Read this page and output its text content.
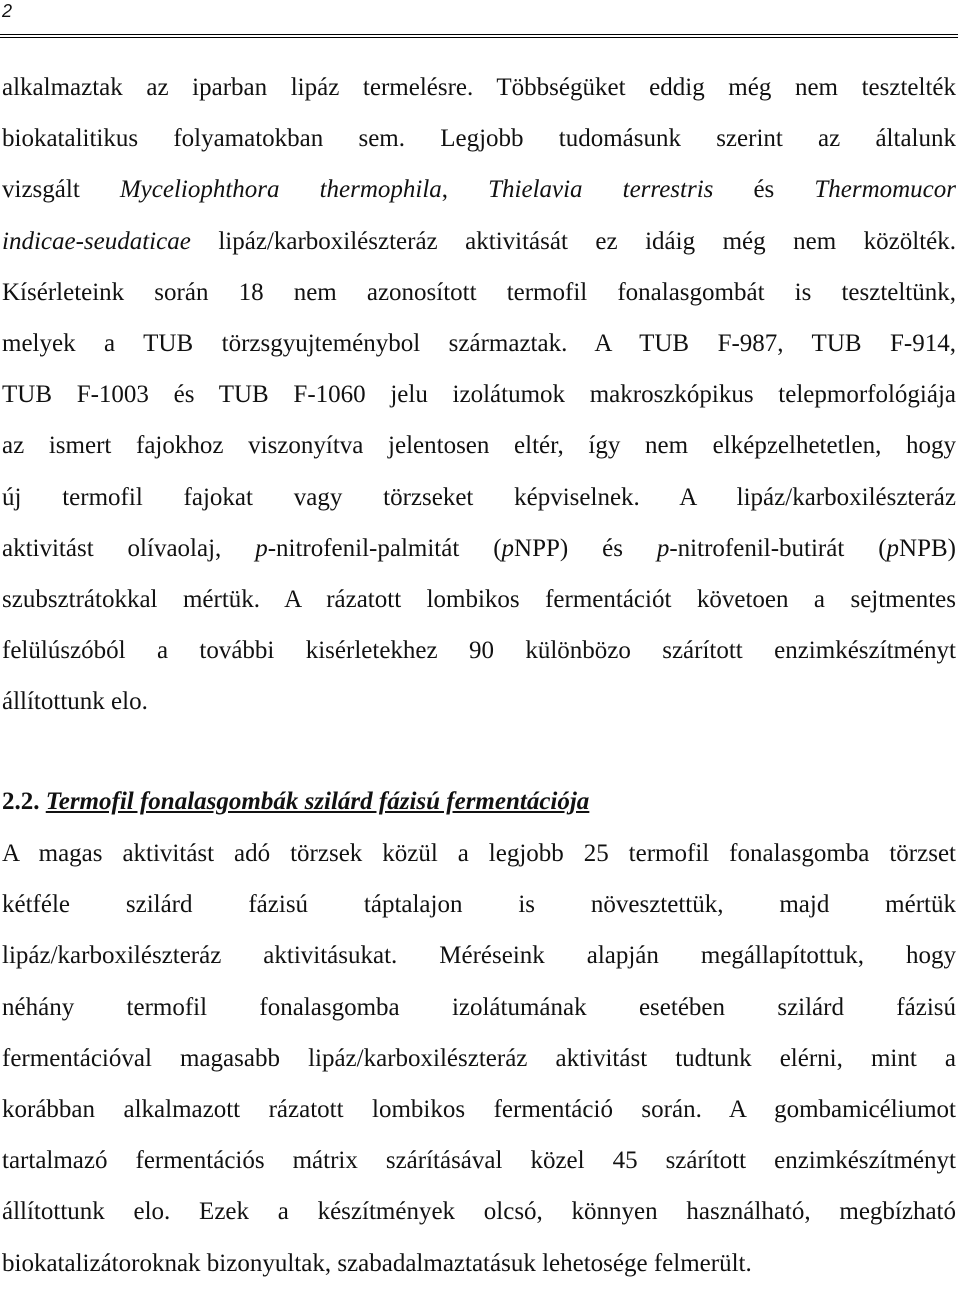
2
alkalmaztak az iparban lipáz termelésre. Többségüket eddig még nem tesztelték
biokatalitikus folyamatokban sem. Legjobb tudomásunk szerint az általunk
vizsgált Myceliophthora thermophila, Thielavia terrestris és Thermomucor
indicae-seudaticae lipáz/karboxilészteráz aktivitását ez idáig még nem közölték.
Kísérleteink során 18 nem azonosított termofil fonalasgombát is teszteltünk,
melyek a TUB törzsgyujteménybol származtak. A TUB F-987, TUB F-914,
TUB F-1003 és TUB F-1060 jelu izolátumok makroszkópikus telepmorfológiája
az ismert fajokhoz viszonyítva jelentosen eltér, így nem elképzelhetetlen, hogy
új termofil fajokat vagy törzseket képviselnek. A lipáz/karboxilészteráz
aktivitást olívaolaj, p-nitrofenil-palmitát (pNPP) és p-nitrofenil-butirát (pNPB)
szubsztrátokkal mértük. A rázatott lombikos fermentációt követoen a sejtmentes
felülúszóból a további kisérletekhez 90 különbözo szárított enzimkészítményt
állítottunk elo.
2.2. Termofil fonalasgombák szilárd fázisú fermentációja
A magas aktivitást adó törzsek közül a legjobb 25 termofil fonalasgomba törzset
kétféle szilárd fázisú táptalajon is növesztettük, majd mértük
lipáz/karboxilészteráz aktivitásukat. Méréseink alapján megállapítottuk, hogy
néhány termofil fonalasgomba izolátumának esetében szilárd fázisú
fermentációval magasabb lipáz/karboxilészteráz aktivitást tudtunk elérni, mint a
korábban alkalmazott rázatott lombikos fermentáció során. A gombamicéliumot
tartalmazó fermentációs mátrix szárításával közel 45 szárított enzimkészítményt
állítottunk elo. Ezek a készítmények olcsó, könnyen használható, megbízható
biokatalizátoroknak bizonyultak, szabadalmaztatásuk lehetosége felmerült.
